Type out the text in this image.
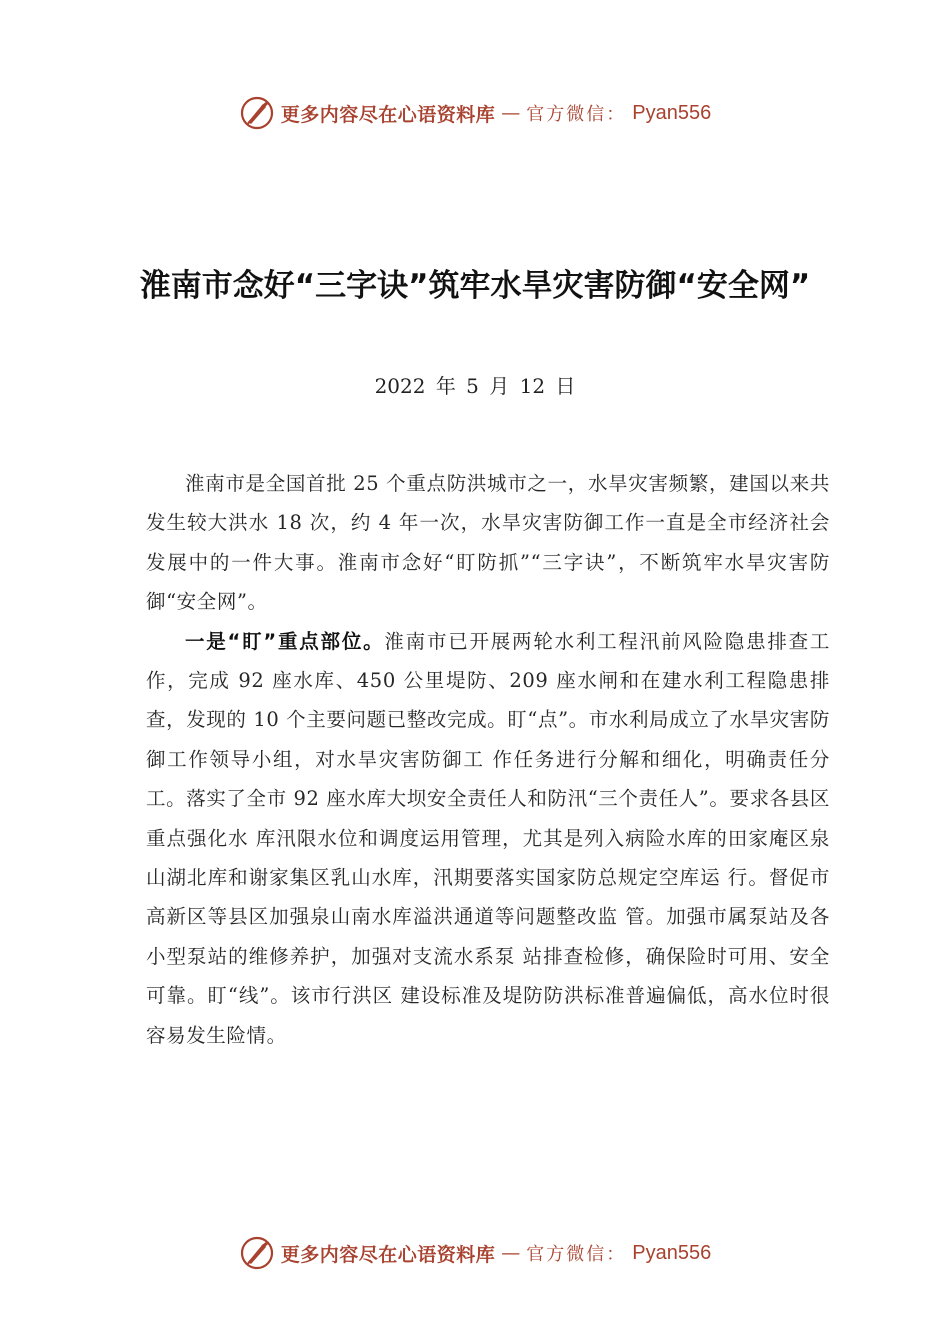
更多内容尽在心语资料库 — 官方微信： Pyan556
淮南市念好“三字诀”筑牢水旱灾害防御“安全网”
2022 年 5 月 12 日

淮南市是全国首批 25 个重点防洪城市之一，水旱灾害频繁，建国以来共发生较大洪水 18 次，约 4 年一次，水旱灾害防御工作一直是全市经济社会发展中的一件大事。淮南市念好“盯防抓”“三字诀”，不断筑牢水旱灾害防御“安全网”。

一是“盯”重点部位。淮南市已开展两轮水利工程汛前风险隐患排查工作，完成 92 座水库、450 公里堤防、209 座水闸和在建水利工程隐患排查，发现的 10 个主要问题已整改完成。盯“点”。市水利局成立了水旱灾害防御工作领导小组，对水旱灾害防御工 作任务进行分解和细化，明确责任分工。落实了全市 92 座水库大坝安全责任人和防汛“三个责任人”。要求各县区重点强化水 库汛限水位和调度运用管理，尤其是列入病险水库的田家庵区泉 山湖北库和谢家集区乳山水库，汛期要落实国家防总规定空库运 行。督促市高新区等县区加强泉山南水库溢洪通道等问题整改监 管。加强市属泵站及各小型泵站的维修养护，加强对支流水系泵 站排查检修，确保险时可用、安全可靠。盯“线”。该市行洪区 建设标准及堤防防洪标准普遍偏低，高水位时很容易发生险情。

更多内容尽在心语资料库 — 官方微信： Pyan556
